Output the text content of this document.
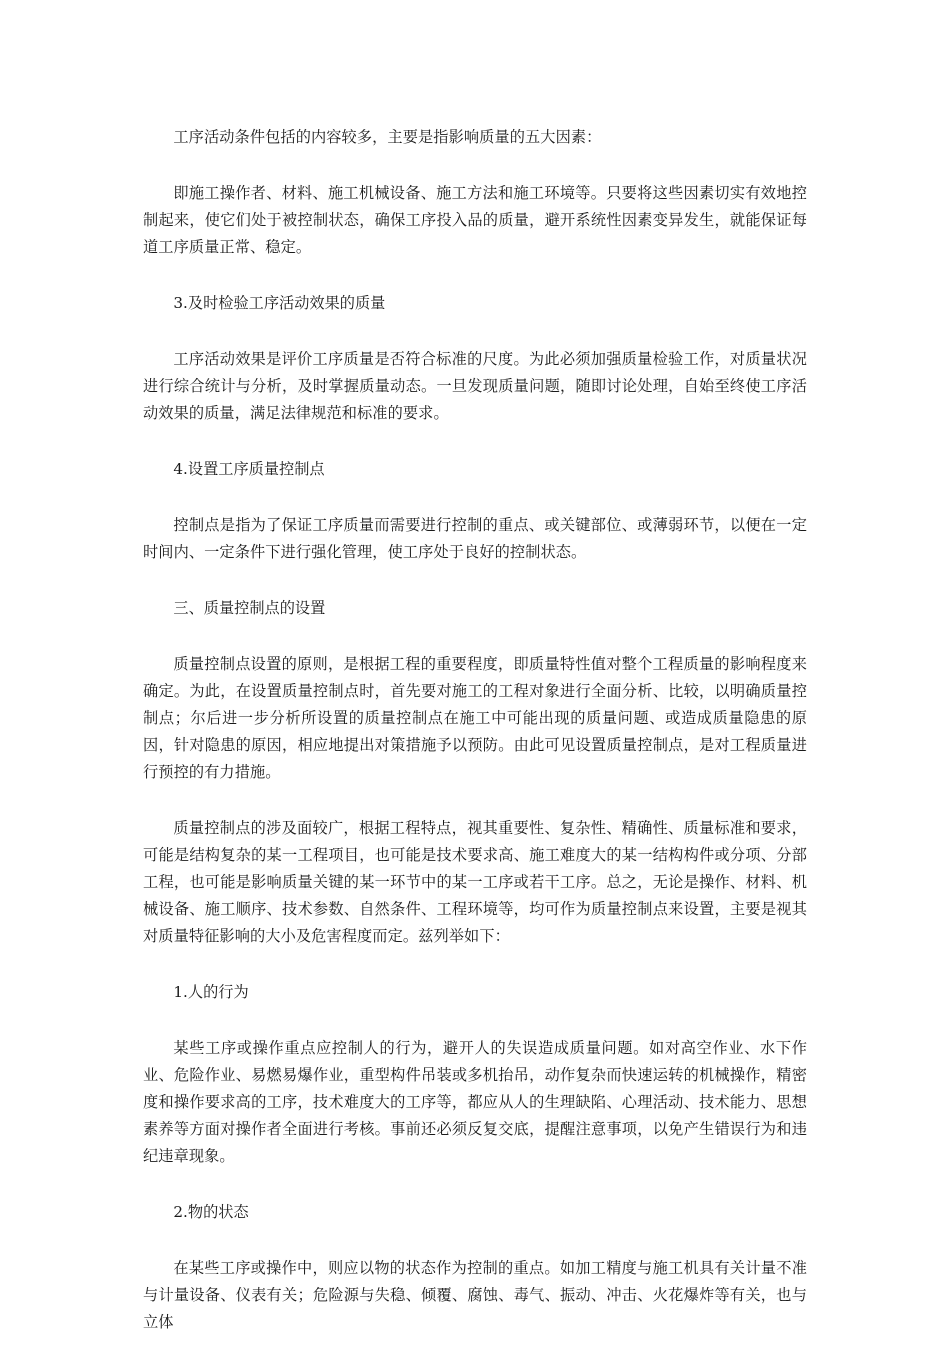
工序活动条件包括的内容较多，主要是指影响质量的五大因素：

即施工操作者、材料、施工机械设备、施工方法和施工环境等。只要将这些因素切实有效地控制起来，使它们处于被控制状态，确保工序投入品的质量，避开系统性因素变异发生，就能保证每道工序质量正常、稳定。

3.及时检验工序活动效果的质量

工序活动效果是评价工序质量是否符合标准的尺度。为此必须加强质量检验工作，对质量状况进行综合统计与分析，及时掌握质量动态。一旦发现质量问题，随即讨论处理，自始至终使工序活动效果的质量，满足法律规范和标准的要求。

4.设置工序质量控制点

控制点是指为了保证工序质量而需要进行控制的重点、或关键部位、或薄弱环节，以便在一定时间内、一定条件下进行强化管理，使工序处于良好的控制状态。

三、质量控制点的设置

质量控制点设置的原则，是根据工程的重要程度，即质量特性值对整个工程质量的影响程度来确定。为此，在设置质量控制点时，首先要对施工的工程对象进行全面分析、比较，以明确质量控制点；尔后进一步分析所设置的质量控制点在施工中可能出现的质量问题、或造成质量隐患的原因，针对隐患的原因，相应地提出对策措施予以预防。由此可见设置质量控制点，是对工程质量进行预控的有力措施。

质量控制点的涉及面较广，根据工程特点，视其重要性、复杂性、精确性、质量标准和要求，可能是结构复杂的某一工程项目，也可能是技术要求高、施工难度大的某一结构构件或分项、分部工程，也可能是影响质量关键的某一环节中的某一工序或若干工序。总之，无论是操作、材料、机械设备、施工顺序、技术参数、自然条件、工程环境等，均可作为质量控制点来设置，主要是视其对质量特征影响的大小及危害程度而定。兹列举如下：

1.人的行为

某些工序或操作重点应控制人的行为，避开人的失误造成质量问题。如对高空作业、水下作业、危险作业、易燃易爆作业，重型构件吊装或多机抬吊，动作复杂而快速运转的机械操作，精密度和操作要求高的工序，技术难度大的工序等，都应从人的生理缺陷、心理活动、技术能力、思想素养等方面对操作者全面进行考核。事前还必须反复交底，提醒注意事项，以免产生错误行为和违纪违章现象。

2.物的状态

在某些工序或操作中，则应以物的状态作为控制的重点。如加工精度与施工机具有关计量不准与计量设备、仪表有关；危险源与失稳、倾覆、腐蚀、毒气、振动、冲击、火花爆炸等有关，也与立体
